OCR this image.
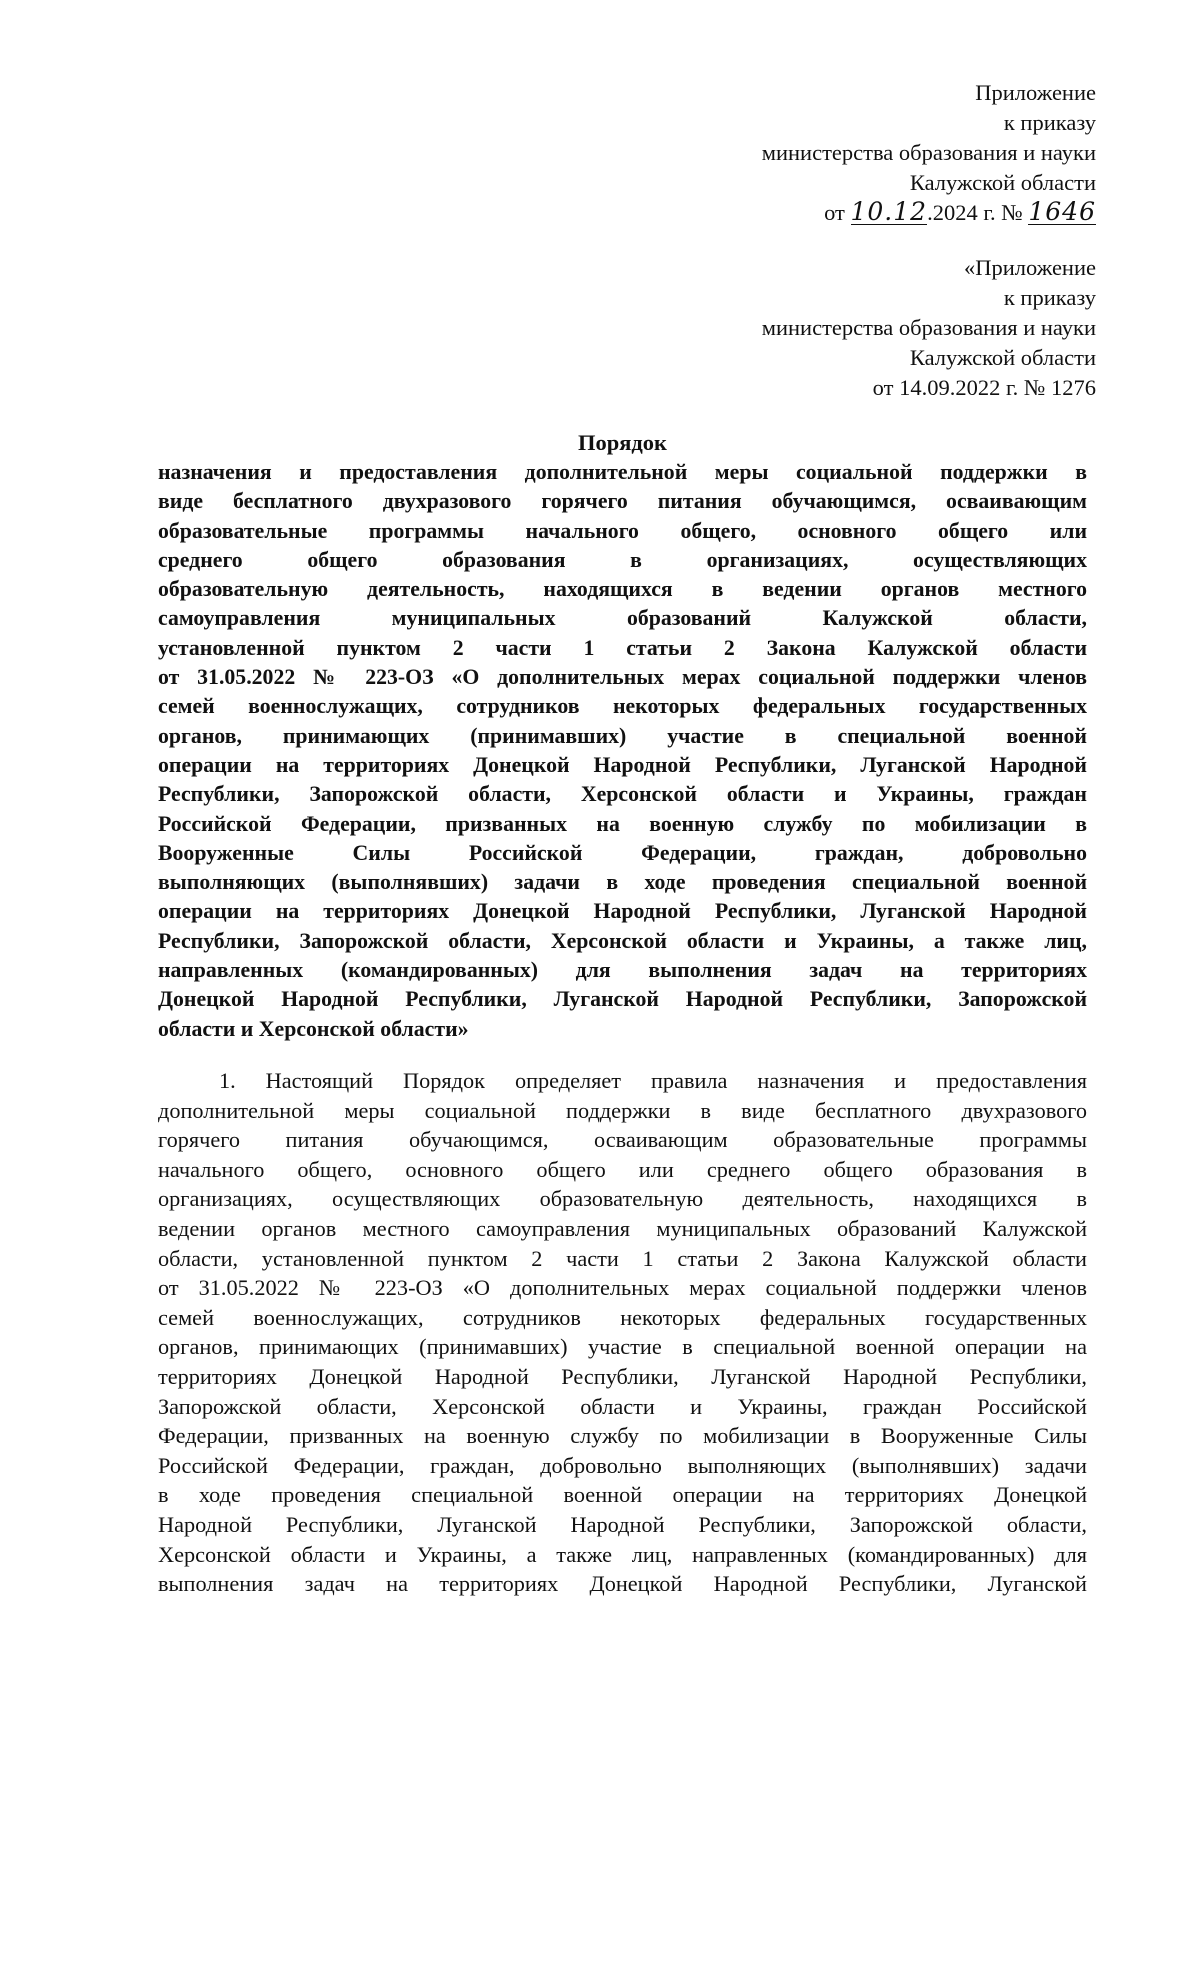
Приложение
к приказу
министерства образования и науки
Калужской области
от 10.12.2024 г. № 1646
«Приложение
к приказу
министерства образования и науки
Калужской области
от 14.09.2022 г. № 1276
Порядок
назначения и предоставления дополнительной меры социальной поддержки в
виде бесплатного двухразового горячего питания обучающимся, осваивающим
образовательные программы начального общего, основного общего или
среднего общего образования в организациях, осуществляющих
образовательную деятельность, находящихся в ведении органов местного
самоуправления муниципальных образований Калужской области,
установленной пунктом 2 части 1 статьи 2 Закона Калужской области
от 31.05.2022 № 223-ОЗ «О дополнительных мерах социальной поддержки членов
семей военнослужащих, сотрудников некоторых федеральных государственных
органов, принимающих (принимавших) участие в специальной военной
операции на территориях Донецкой Народной Республики, Луганской Народной
Республики, Запорожской области, Херсонской области и Украины, граждан
Российской Федерации, призванных на военную службу по мобилизации в
Вооруженные Силы Российской Федерации, граждан, добровольно
выполняющих (выполнявших) задачи в ходе проведения специальной военной
операции на территориях Донецкой Народной Республики, Луганской Народной
Республики, Запорожской области, Херсонской области и Украины, а также лиц,
направленных (командированных) для выполнения задач на территориях
Донецкой Народной Республики, Луганской Народной Республики, Запорожской
области и Херсонской области»
1. Настоящий Порядок определяет правила назначения и предоставления
дополнительной меры социальной поддержки в виде бесплатного двухразового
горячего питания обучающимся, осваивающим образовательные программы
начального общего, основного общего или среднего общего образования в
организациях, осуществляющих образовательную деятельность, находящихся в
ведении органов местного самоуправления муниципальных образований Калужской
области, установленной пунктом 2 части 1 статьи 2 Закона Калужской области
от 31.05.2022 № 223-ОЗ «О дополнительных мерах социальной поддержки членов
семей военнослужащих, сотрудников некоторых федеральных государственных
органов, принимающих (принимавших) участие в специальной военной операции на
территориях Донецкой Народной Республики, Луганской Народной Республики,
Запорожской области, Херсонской области и Украины, граждан Российской
Федерации, призванных на военную службу по мобилизации в Вооруженные Силы
Российской Федерации, граждан, добровольно выполняющих (выполнявших) задачи
в ходе проведения специальной военной операции на территориях Донецкой
Народной Республики, Луганской Народной Республики, Запорожской области,
Херсонской области и Украины, а также лиц, направленных (командированных) для
выполнения задач на территориях Донецкой Народной Республики, Луганской
